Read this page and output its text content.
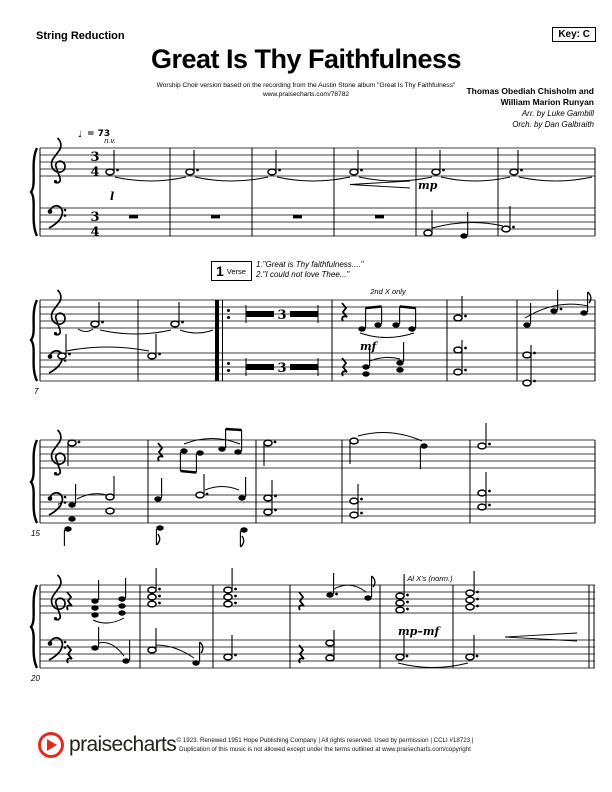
String Reduction	Key: C
Great Is Thy Faithfulness
Worship Choir version based on the recording from the Austin Stone album "Great Is Thy Faithfulness"
www.praisecharts.com/78782	Thomas Obediah Chisholm and
William Marion Runyan
Arr. by Luke Gambill
Orch. by Dan Galbraith
1 Verse
1."Great is Thy faithfulness...."
2."I could not love Thee..."
♩ = 73
3
4
3
4
n.v.
l
mp
7
3
3
2nd X only
mf
15
♯
20
Al X's (norm.)
mp–mf
praisecharts © 1923. Renewed 1951 Hope Publishing Company | All rights reserved. Used by permission | CCLI #18723 |
Duplication of this music is not allowed except under the terms outlined at www.praisecharts.com/copyright
